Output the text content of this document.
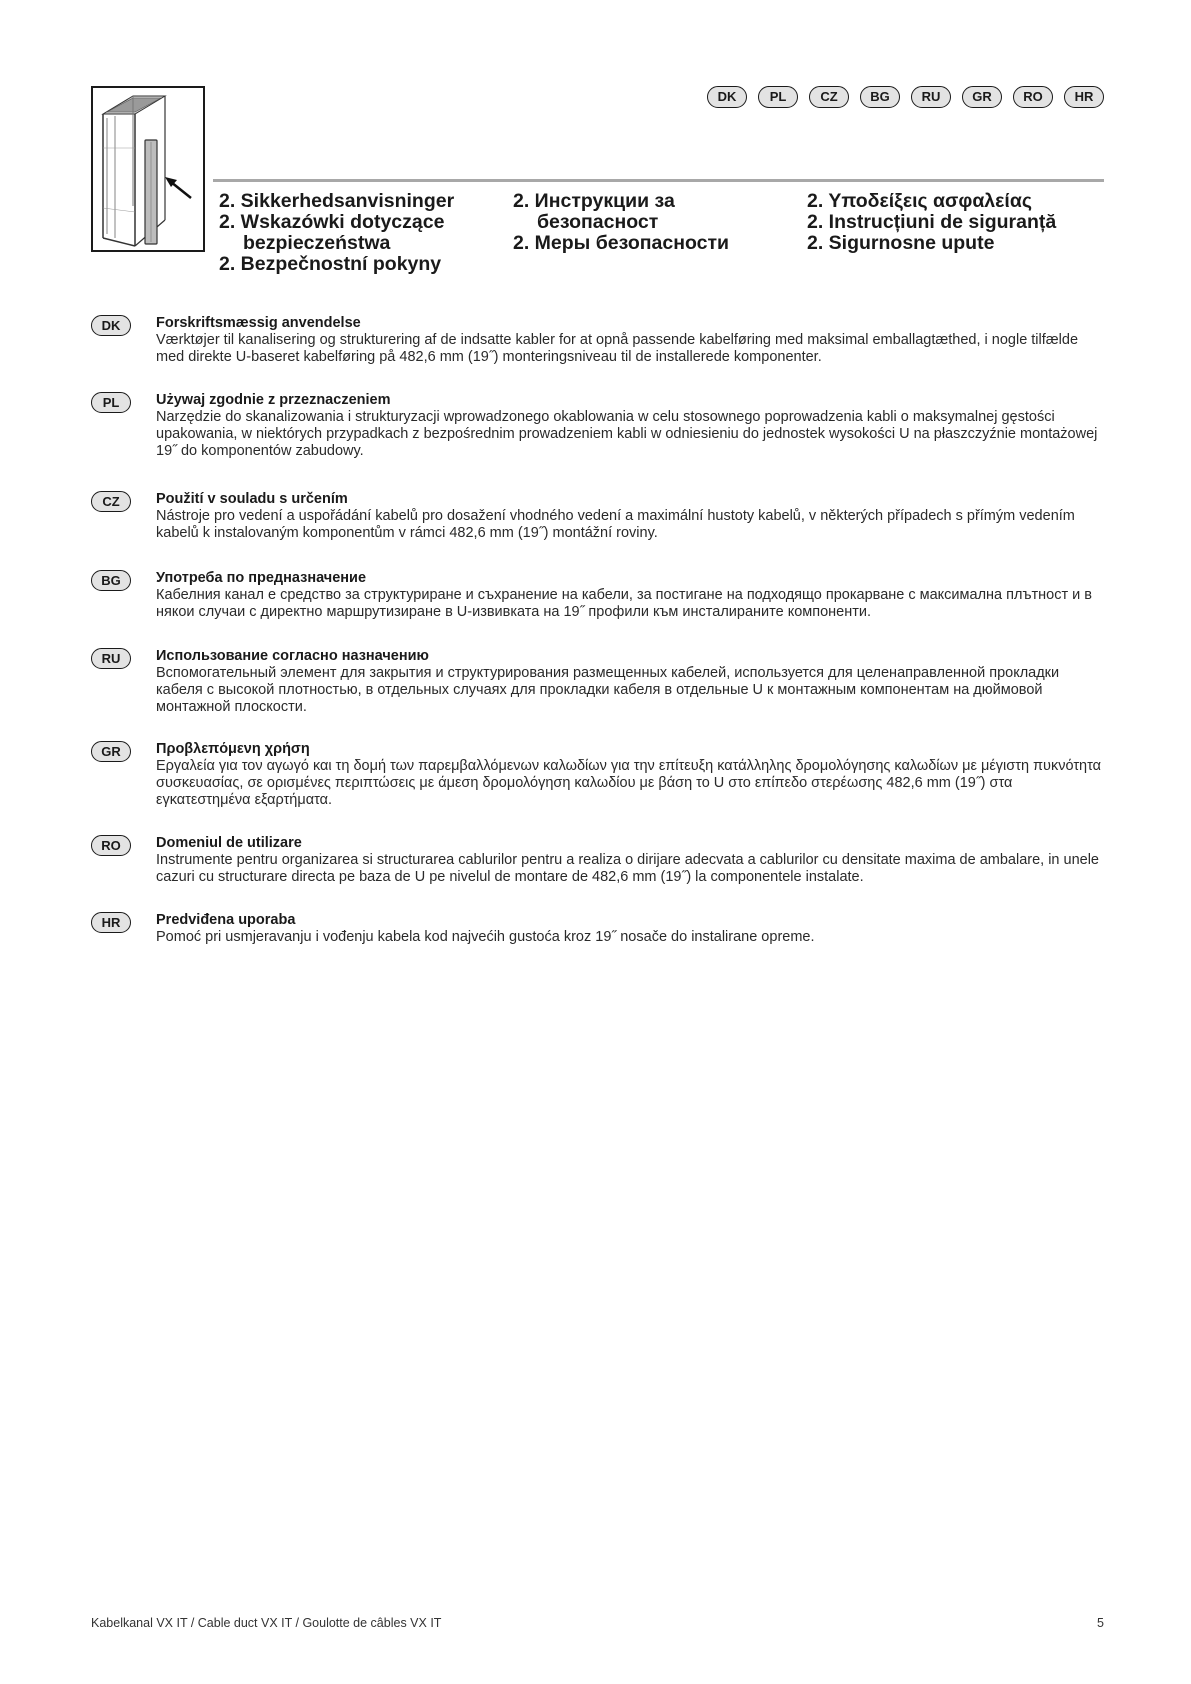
DK	PL	CZ	BG	RU	GR	RO	HR
2. Sikkerhedsanvisninger
2. Wskazówki dotyczące
bezpieczeństwa
2. Bezpečnostní pokyny
2. Инструкции за
безопасност
2. Меры безопасности
2. Υποδείξεις ασφαλείας
2. Instrucțiuni de siguranță
2. Sigurnosne upute
DK	Forskriftsmæssig anvendelse
Værktøjer til kanalisering og strukturering af de indsatte kabler for at opnå passende kabelføring med maksimal emballagtæthed, i nogle tilfælde med direkte U-baseret kabelføring på 482,6 mm (19˝) monteringsniveau til de installerede komponenter.
PL	Używaj zgodnie z przeznaczeniem
Narzędzie do skanalizowania i strukturyzacji wprowadzonego okablowania w celu stosownego poprowadzenia kabli o maksymalnej gęstości upakowania, w niektórych przypadkach z bezpośrednim prowadzeniem kabli w odniesieniu do jednostek wysokości U na płaszczyźnie montażowej 19˝ do komponentów zabudowy.
CZ	Použití v souladu s určením
Nástroje pro vedení a uspořádání kabelů pro dosažení vhodného vedení a maximální hustoty kabelů, v některých případech s přímým vedením kabelů k instalovaným komponentům v rámci 482,6 mm (19˝) montážní roviny.
BG	Употреба по предназначение
Кабелния канал е средство за структуриране и съхранение на кабели, за постигане на подходящо прокарване с максимална плътност и в някои случаи с директно маршрутизиране в U-извивката на 19˝ профили към инсталираните компоненти.
RU	Использование согласно назначению
Вспомогательный элемент для закрытия и структурирования размещенных кабелей, используется для целенаправленной прокладки кабеля с высокой плотностью, в отдельных случаях для прокладки кабеля в отдельные U к монтажным компонентам на дюймовой монтажной плоскости.
GR	Προβλεπόμενη χρήση
Εργαλεία για τον αγωγό και τη δομή των παρεμβαλλόμενων καλωδίων για την επίτευξη κατάλληλης δρομολόγησης καλωδίων με μέγιστη πυκνότητα συσκευασίας, σε ορισμένες περιπτώσεις με άμεση δρομολόγηση καλωδίου με βάση το U στο επίπεδο στερέωσης 482,6 mm (19˝) στα εγκατεστημένα εξαρτήματα.
RO	Domeniul de utilizare
Instrumente pentru organizarea si structurarea cablurilor pentru a realiza o dirijare adecvata a cablurilor cu densitate maxima de ambalare, in unele cazuri cu structurare directa pe baza de U pe nivelul de montare de 482,6 mm (19˝) la componentele instalate.
HR	Predviđena uporaba
Pomoć pri usmjeravanju i vođenju kabela kod najvećih gustoća kroz 19˝ nosače do instalirane opreme.
Kabelkanal VX IT / Cable duct VX IT / Goulotte de câbles VX IT	5
